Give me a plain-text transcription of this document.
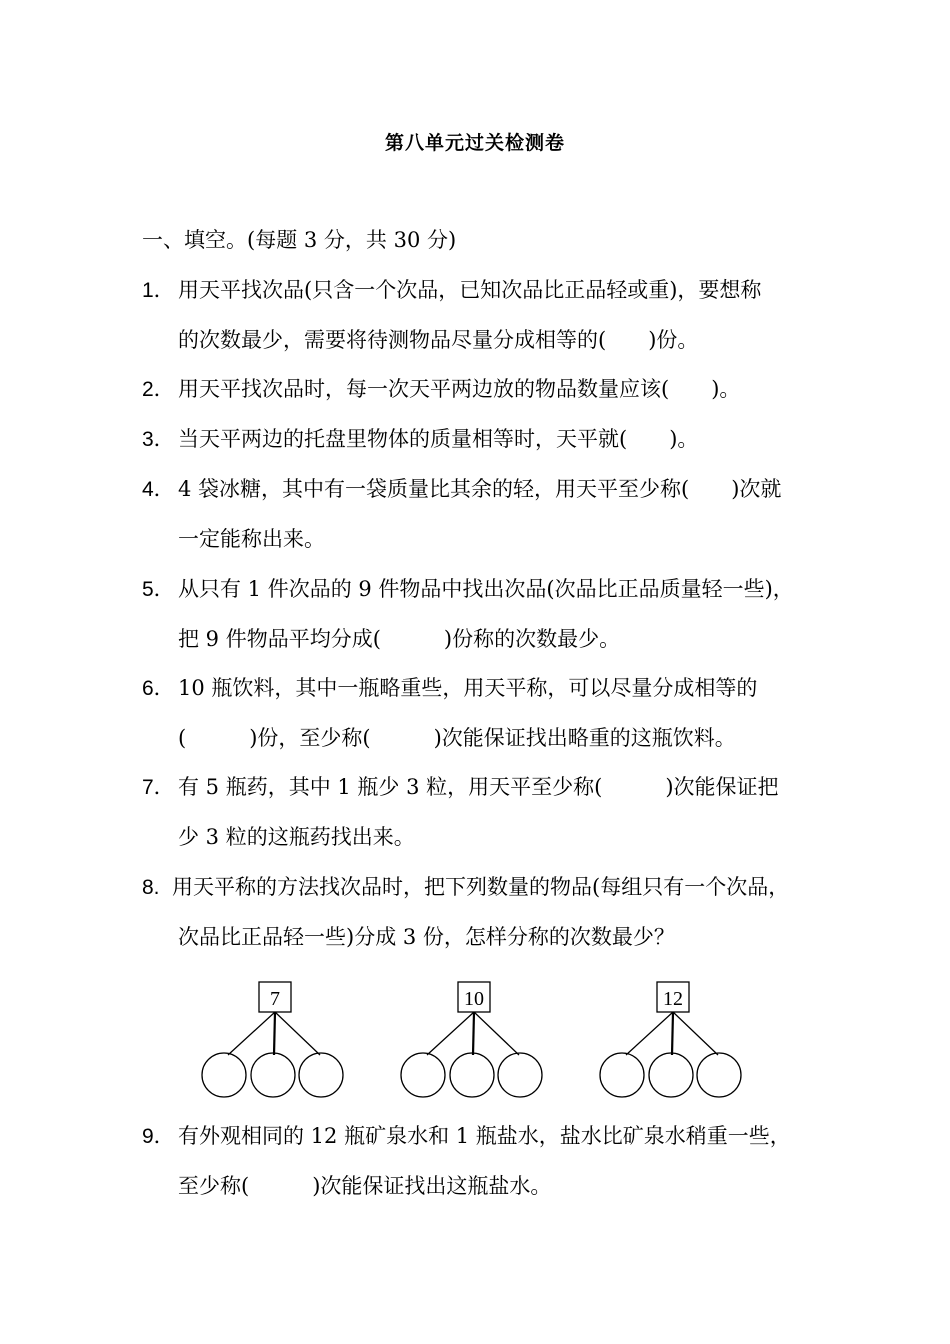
第八单元过关检测卷
一、填空。(每题 3 分，共 30 分)
1． 用天平找次品(只含一个次品，已知次品比正品轻或重)，要想称
的次数最少，需要将待测物品尽量分成相等的(　　)份。
2． 用天平找次品时，每一次天平两边放的物品数量应该(　　)。
3． 当天平两边的托盘里物体的质量相等时，天平就(　　)。
4． 4 袋冰糖，其中有一袋质量比其余的轻，用天平至少称(　　)次就
一定能称出来。
5． 从只有 1 件次品的 9 件物品中找出次品(次品比正品质量轻一些)，
把 9 件物品平均分成(　　　)份称的次数最少。
6． 10 瓶饮料，其中一瓶略重些，用天平称，可以尽量分成相等的
(　　　)份，至少称(　　　)次能保证找出略重的这瓶饮料。
7． 有 5 瓶药，其中 1 瓶少 3 粒，用天平至少称(　　　)次能保证把
少 3 粒的这瓶药找出来。
8. 用天平称的方法找次品时，把下列数量的物品(每组只有一个次品，
次品比正品轻一些)分成 3 份，怎样分称的次数最少？
7	10	12
9． 有外观相同的 12 瓶矿泉水和 1 瓶盐水，盐水比矿泉水稍重一些，
至少称(　　　)次能保证找出这瓶盐水。
